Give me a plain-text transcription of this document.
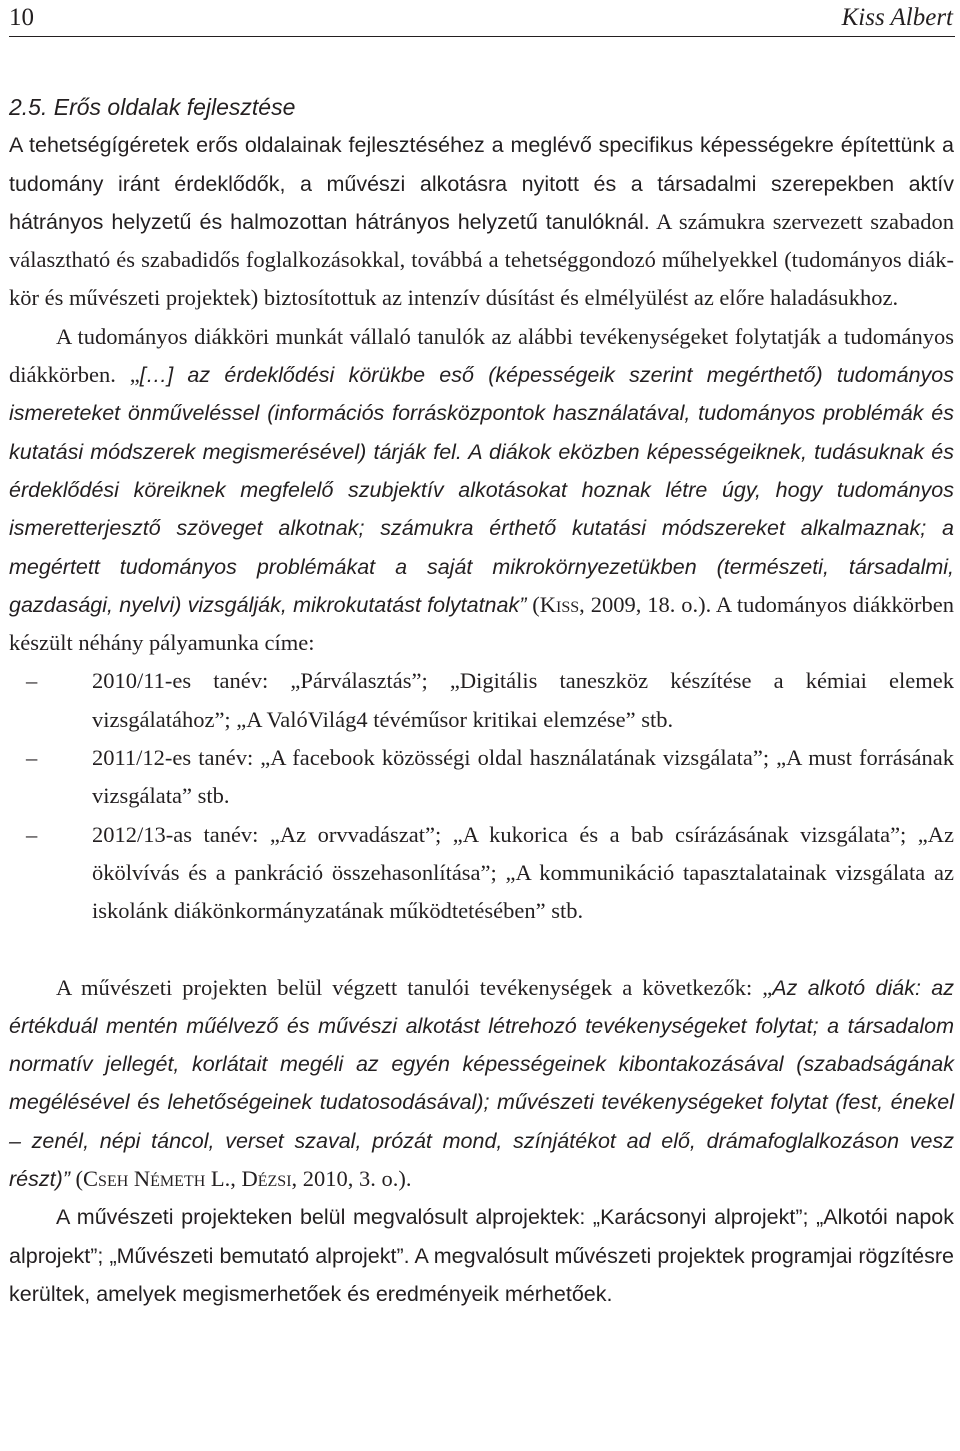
10	Kiss Albert

2.5. Erős oldalak fejlesztése

A tehetségígéretek erős oldalainak fejlesztéséhez a meglévő specifikus képességekre építettünk a tudomány iránt érdeklődők, a művészi alkotásra nyitott és a társadalmi szerepekben aktív hátrányos helyzetű és halmozottan hátrányos helyzetű tanulóknál. A számukra szervezett szabadon választható és szabadidős foglalkozásokkal, továbbá a tehetséggondozó műhelyekkel (tudományos diákkör és művészeti projektek) biztosítottuk az intenzív dúsítást és elmélyülést az előre haladásukhoz.

A tudományos diákköri munkát vállaló tanulók az alábbi tevékenységeket folytatják a tudományos diákkörben. „[…] az érdeklődési körükbe eső (képességeik szerint megérthető) tudományos ismereteket önműveléssel (információs forrásközpontok használatával, tudományos problémák és kutatási módszerek megismerésével) tárják fel. A diákok eközben képességeiknek, tudásuknak és érdeklődési köreiknek megfelelő szubjektív alkotásokat hoznak létre úgy, hogy tudományos ismeretterjesztő szöveget alkotnak; számukra érthető kutatási módszereket alkalmaznak; a megértett tudományos problémákat a saját mikrokörnyezetükben (természeti, társadalmi, gazdasági, nyelvi) vizsgálják, mikrokutatást folytatnak” (Kiss, 2009, 18. o.). A tudományos diákkörben készült néhány pályamunka címe:

– 2010/11-es tanév: „Párválasztás”; „Digitális taneszköz készítése a kémiai elemek vizsgálatához”; „A ValóVilág4 tévéműsor kritikai elemzése” stb.
– 2011/12-es tanév: „A facebook közösségi oldal használatának vizsgálata”; „A must forrásának vizsgálata” stb.
– 2012/13-as tanév: „Az orvvadászat”; „A kukorica és a bab csírázásának vizsgálata”; „Az ökölvívás és a pankráció összehasonlítása”; „A kommunikáció tapasztalatainak vizsgálata az iskolánk diákönkormányzatának működtetésében” stb.

A művészeti projekten belül végzett tanulói tevékenységek a következők: „Az alkotó diák: az értékduál mentén műélvező és művészi alkotást létrehozó tevékenységeket folytat; a társadalom normatív jellegét, korlátait megéli az egyén képességeinek kibontakozásával (szabadságának megélésével és lehetőségeinek tudatosodásával); művészeti tevékenységeket folytat (fest, énekel – zenél, népi táncol, verset szaval, prózát mond, színjátékot ad elő, drámafoglalkozáson vesz részt)” (Cseh Németh L., Dézsi, 2010, 3. o.).

A művészeti projekteken belül megvalósult alprojektek: „Karácsonyi alprojekt”; „Alkotói napok alprojekt”; „Művészeti bemutató alprojekt”. A megvalósult művészeti projektek programjai rögzítésre kerültek, amelyek megismerhetőek és eredményeik mérhetőek.
